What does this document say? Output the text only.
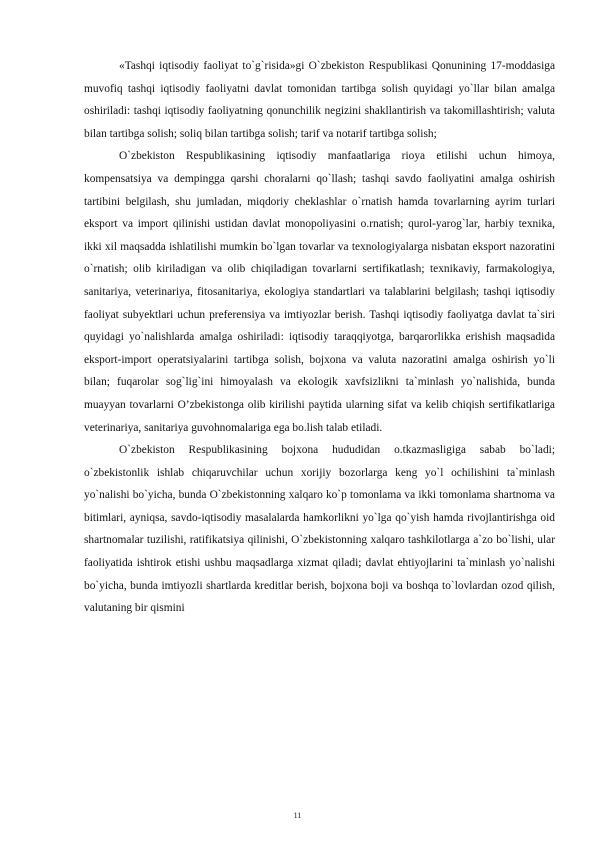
«Tashqi iqtisodiy faoliyat to`g`risida»gi O`zbekiston Respublikasi Qonunining 17-moddasiga muvofiq tashqi iqtisodiy faoliyatni davlat tomonidan tartibga solish quyidagi yo`llar bilan amalga oshiriladi: tashqi iqtisodiy faoliyatning qonunchilik negizini shakllantirish va takomillashtirish; valuta bilan tartibga solish; soliq bilan tartibga solish; tarif va notarif tartibga solish;

O`zbekiston Respublikasining iqtisodiy manfaatlariga rioya etilishi uchun himoya, kompensatsiya va dempingga qarshi choralarni qo`llash; tashqi savdo faoliyatini amalga oshirish tartibini belgilash, shu jumladan, miqdoriy cheklashlar o`rnatish hamda tovarlarning ayrim turlari eksport va import qilinishi ustidan davlat monopoliyasini o.rnatish; qurol-yarog`lar, harbiy texnika, ikki xil maqsadda ishlatilishi mumkin bo`lgan tovarlar va texnologiyalarga nisbatan eksport nazoratini o`rnatish; olib kiriladigan va olib chiqiladigan tovarlarni sertifikatlash; texnikaviy, farmakologiya, sanitariya, veterinariya, fitosanitariya, ekologiya standartlari va talablarini belgilash; tashqi iqtisodiy faoliyat subyektlari uchun preferensiya va imtiyozlar berish. Tashqi iqtisodiy faoliyatga davlat ta`siri quyidagi yo`nalishlarda amalga oshiriladi: iqtisodiy taraqqiyotga, barqarorlikka erishish maqsadida eksport-import operatsiyalarini tartibga solish, bojxona va valuta nazoratini amalga oshirish yo`li bilan; fuqarolar sog`lig`ini himoyalash va ekologik xavfsizlikni ta`minlash yo`nalishida, bunda muayyan tovarlarni O’zbekistonga olib kirilishi paytida ularning sifat va kelib chiqish sertifikatlariga veterinariya, sanitariya guvohnomalariga ega bo.lish talab etiladi.

O`zbekiston Respublikasining bojxona hududidan o.tkazmasligiga sabab bo`ladi; o`zbekistonlik ishlab chiqaruvchilar uchun xorijiy bozorlarga keng yo`l ochilishini ta`minlash yo`nalishi bo`yicha, bunda O`zbekistonning xalqaro ko`p tomonlama va ikki tomonlama shartnoma va bitimlari, ayniqsa, savdo-iqtisodiy masalalarda hamkorlikni yo`lga qo`yish hamda rivojlantirishga oid shartnomalar tuzilishi, ratifikatsiya qilinishi, O`zbekistonning xalqaro tashkilotlarga a`zo bo`lishi, ular faoliyatida ishtirok etishi ushbu maqsadlarga xizmat qiladi; davlat ehtiyojlarini ta`minlash yo`nalishi bo`yicha, bunda imtiyozli shartlarda kreditlar berish, bojxona boji va boshqa to`lovlardan ozod qilish, valutaning bir qismini

11
